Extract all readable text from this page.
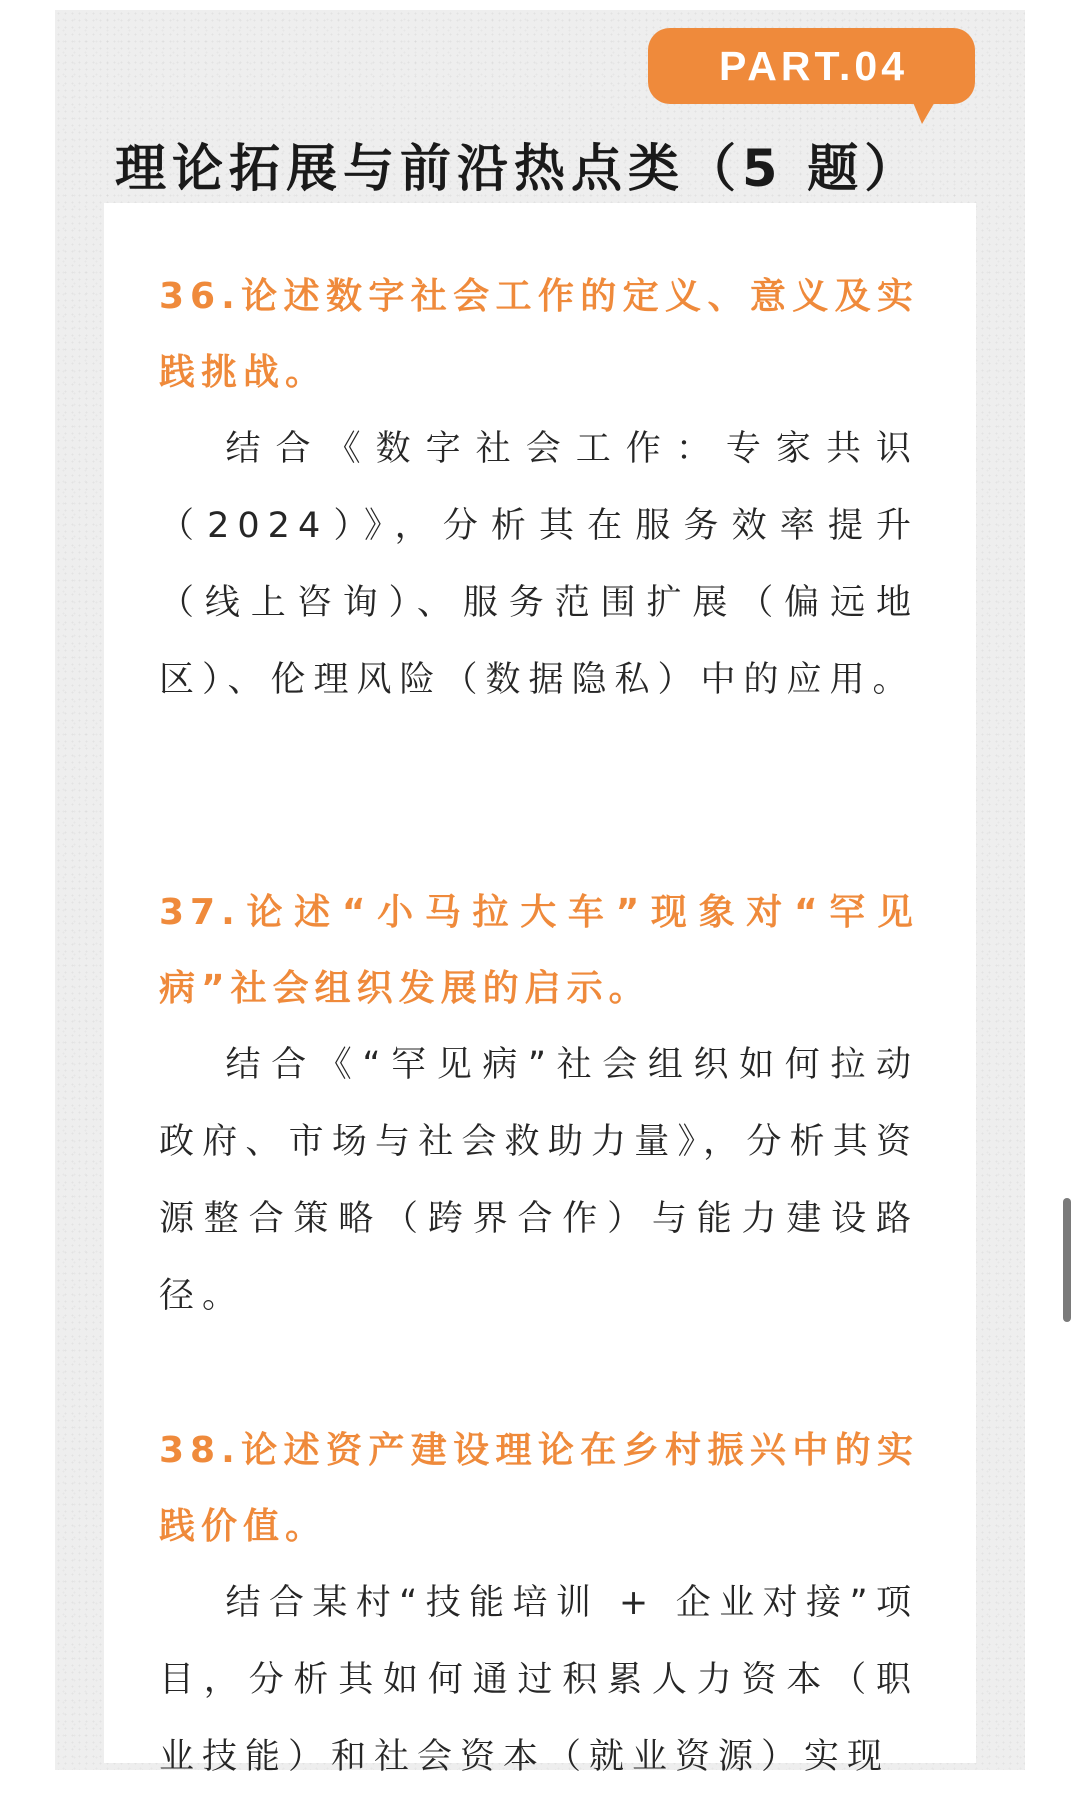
PART.04
理论拓展与前沿热点类（5 题）

36.论述数字社会工作的定义、意义及实践挑战。

结合《数字社会工作：专家共识（2024）》，分析其在服务效率提升（线上咨询）、服务范围扩展（偏远地区）、伦理风险（数据隐私）中的应用。

37.论述“小马拉大车”现象对“罕见病”社会组织发展的启示。

结合《“罕见病”社会组织如何拉动政府、市场与社会救助力量》，分析其资源整合策略（跨界合作）与能力建设路径。

38.论述资产建设理论在乡村振兴中的实践价值。

结合某村“技能培训 + 企业对接”项目，分析其如何通过积累人力资本（职业技能）和社会资本（就业资源）实现
